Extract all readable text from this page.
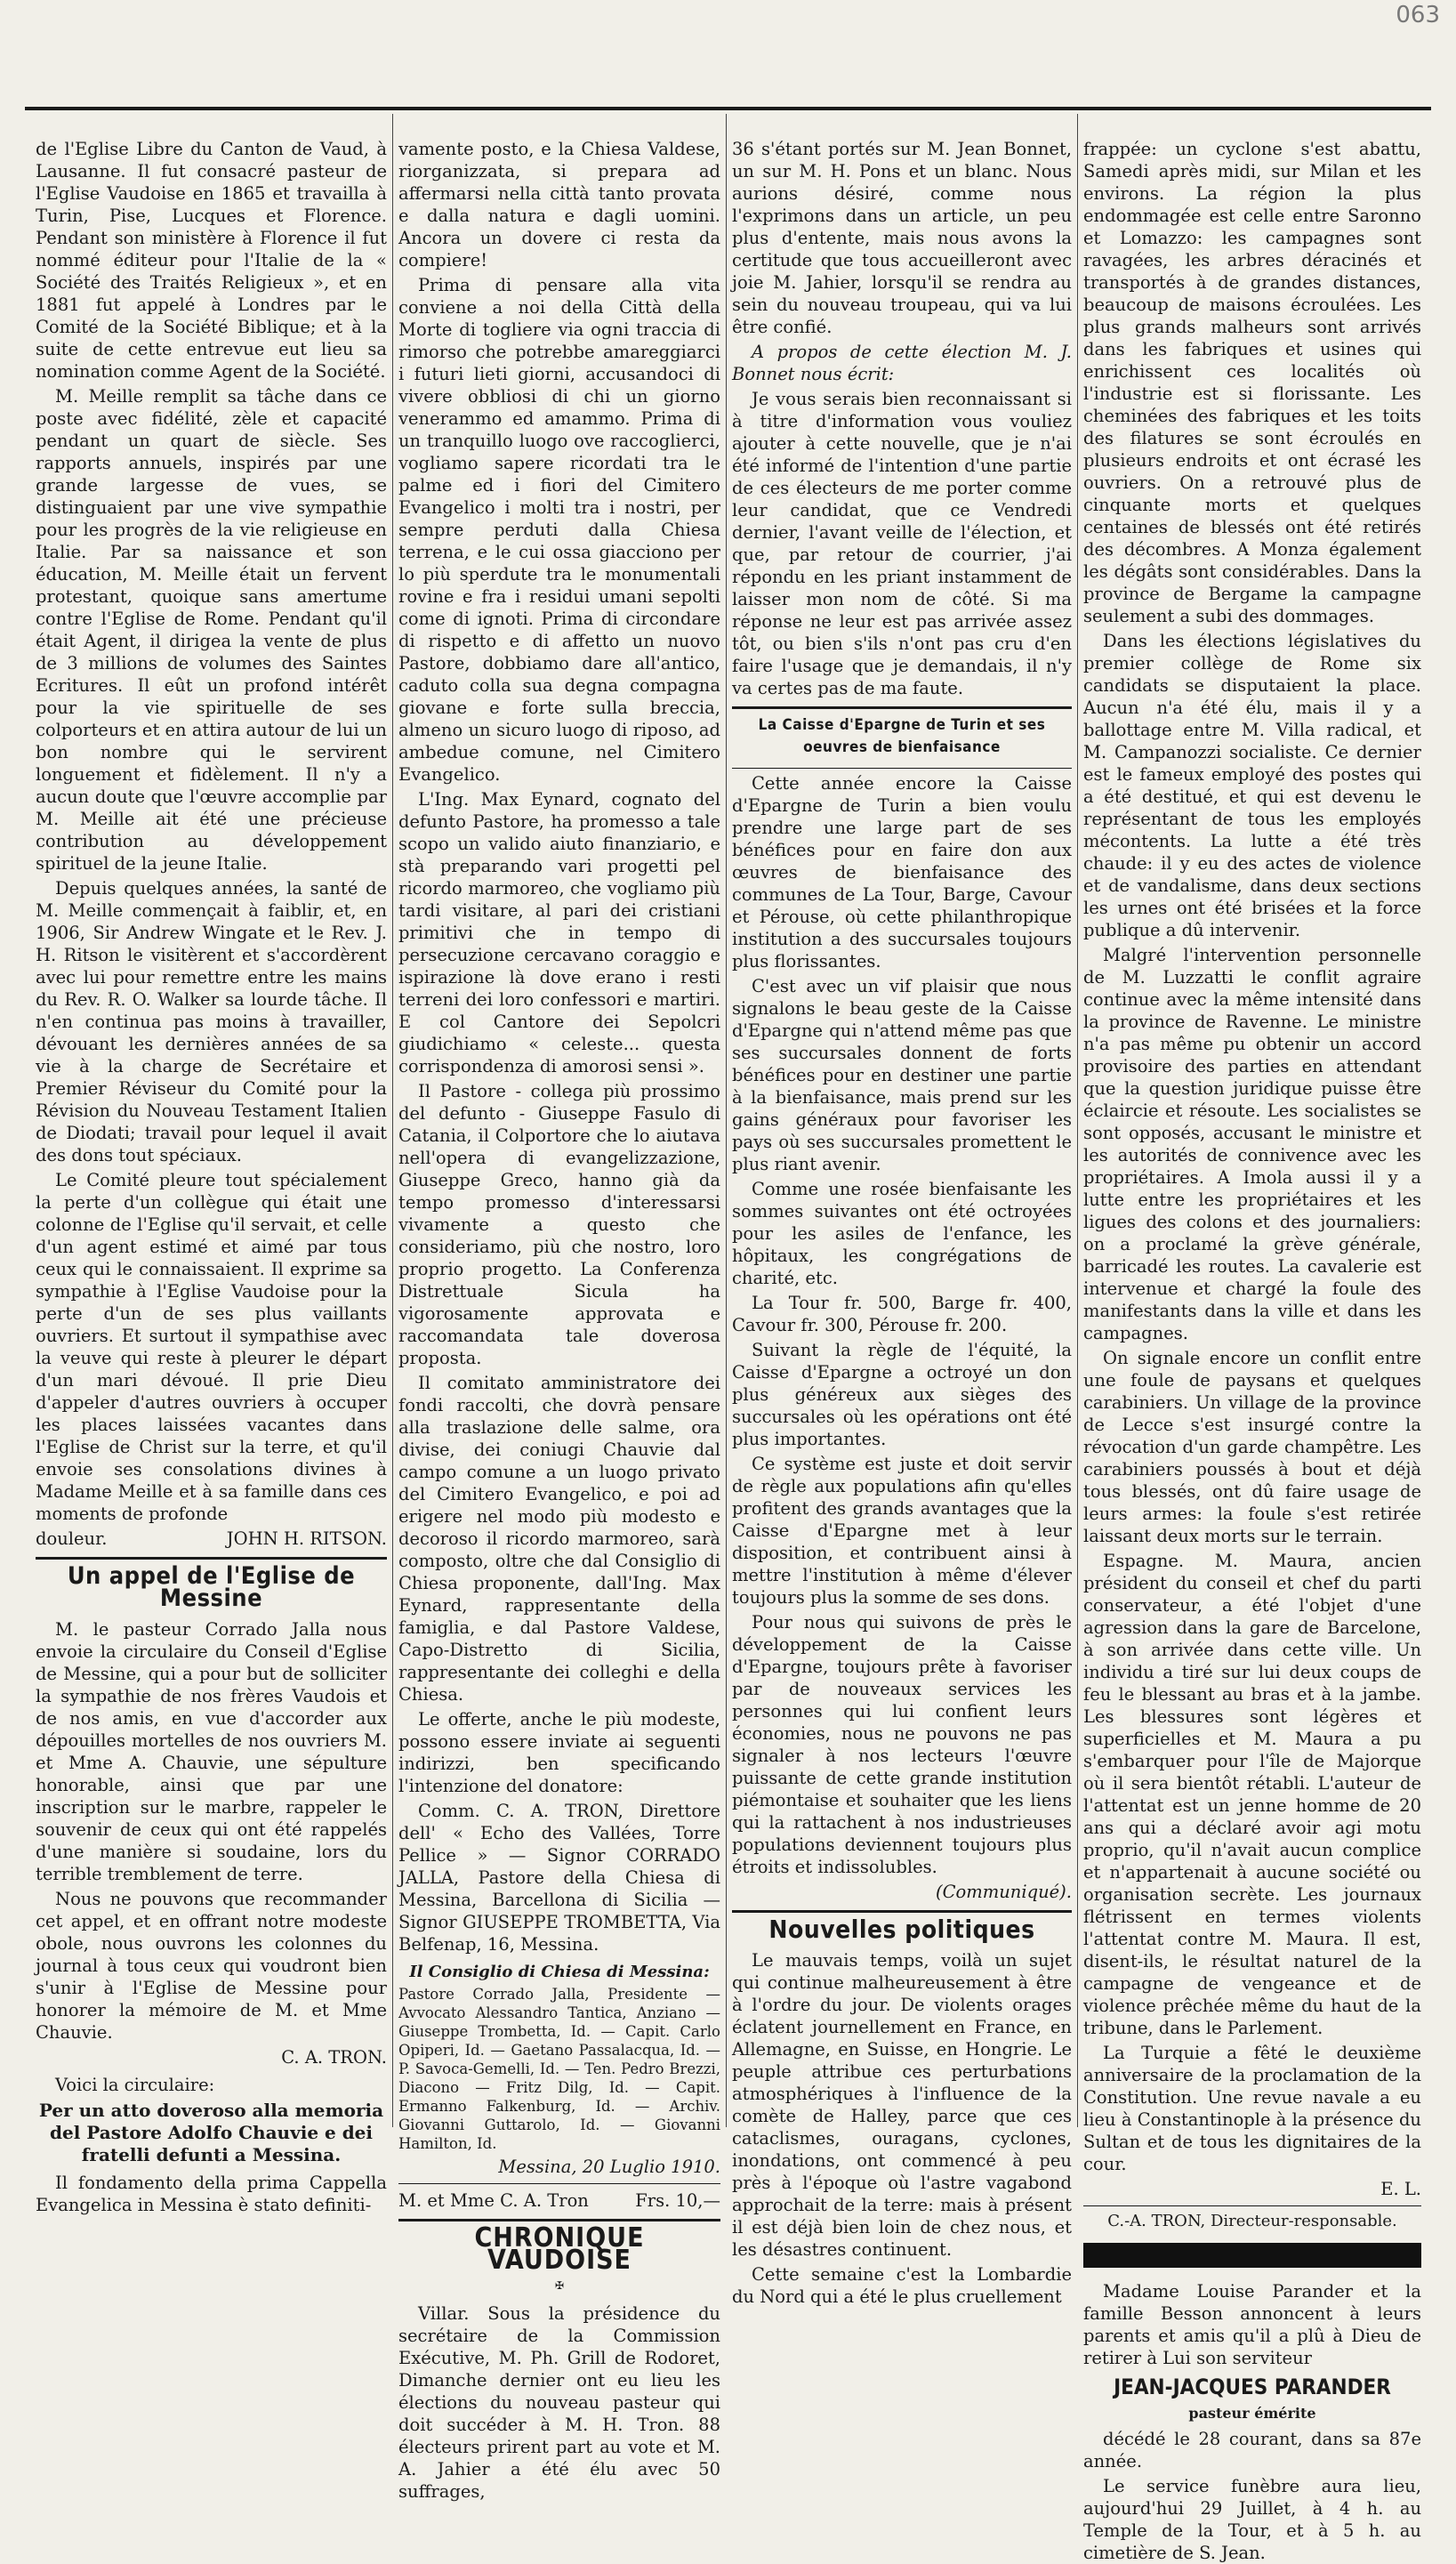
063

de l'Eglise Libre du Canton de Vaud, à Lausanne. Il fut consacré pasteur de l'Eglise Vaudoise en 1865 et travailla à Turin, Pise, Lucques et Florence. Pendant son ministère à Florence il fut nommé éditeur pour l'Italie de la « Société des Traités Religieux », et en 1881 fut appelé à Londres par le Comité de la Société Biblique; et à la suite de cette entrevue eut lieu sa nomination comme Agent de la Société.

M. Meille remplit sa tâche dans ce poste avec fidélité, zèle et capacité pendant un quart de siècle. Ses rapports annuels, inspirés par une grande largesse de vues, se distinguaient par une vive sympathie pour les progrès de la vie religieuse en Italie. Par sa naissance et son éducation, M. Meille était un fervent protestant, quoique sans amertume contre l'Eglise de Rome. Pendant qu'il était Agent, il dirigea la vente de plus de 3 millions de volumes des Saintes Ecritures. Il eût un profond intérêt pour la vie spirituelle de ses colporteurs et en attira autour de lui un bon nombre qui le servirent longuement et fidèlement. Il n'y a aucun doute que l'œuvre accomplie par M. Meille ait été une précieuse contribution au développement spirituel de la jeune Italie.

Depuis quelques années, la santé de M. Meille commençait à faiblir, et, en 1906, Sir Andrew Wingate et le Rev. J. H. Ritson le visitèrent et s'accordèrent avec lui pour remettre entre les mains du Rev. R. O. Walker sa lourde tâche. Il n'en continua pas moins à travailler, dévouant les dernières années de sa vie à la charge de Secrétaire et Premier Réviseur du Comité pour la Révision du Nouveau Testament Italien de Diodati; travail pour lequel il avait des dons tout spéciaux.

Le Comité pleure tout spécialement la perte d'un collègue qui était une colonne de l'Eglise qu'il servait, et celle d'un agent estimé et aimé par tous ceux qui le connaissaient. Il exprime sa sympathie à l'Eglise Vaudoise pour la perte d'un de ses plus vaillants ouvriers. Et surtout il sympathise avec la veuve qui reste à pleurer le départ d'un mari dévoué. Il prie Dieu d'appeler d'autres ouvriers à occuper les places laissées vacantes dans l'Eglise de Christ sur la terre, et qu'il envoie ses consolations divines à Madame Meille et à sa famille dans ces moments de profonde

douleur.	JOHN H. RITSON.
Un appel de l'Eglise de Messine

M. le pasteur Corrado Jalla nous envoie la circulaire du Conseil d'Eglise de Messine, qui a pour but de solliciter la sympathie de nos frères Vaudois et de nos amis, en vue d'accorder aux dépouilles mortelles de nos ouvriers M. et Mme A. Chauvie, une sépulture honorable, ainsi que par une inscription sur le marbre, rappeler le souvenir de ceux qui ont été rappelés d'une manière si soudaine, lors du terrible tremblement de terre.

Nous ne pouvons que recommander cet appel, et en offrant notre modeste obole, nous ouvrons les colonnes du journal à tous ceux qui voudront bien s'unir à l'Eglise de Messine pour honorer la mémoire de M. et Mme Chauvie.

C. A. TRON.

Voici la circulaire:

Per un atto doveroso alla memoria del Pastore Adolfo Chauvie e dei fratelli defunti a Messina.

Il fondamento della prima Cappella Evangelica in Messina è stato definiti-

vamente posto, e la Chiesa Valdese, riorganizzata, si prepara ad affermarsi nella città tanto provata e dalla natura e dagli uomini. Ancora un dovere ci resta da compiere!

Prima di pensare alla vita conviene a noi della Città della Morte di togliere via ogni traccia di rimorso che potrebbe amareggiarci i futuri lieti giorni, accusandoci di vivere obbliosi di chi un giorno venerammo ed amammo. Prima di un tranquillo luogo ove raccoglierci, vogliamo sapere ricordati tra le palme ed i fiori del Cimitero Evangelico i molti tra i nostri, per sempre perduti dalla Chiesa terrena, e le cui ossa giacciono per lo più sperdute tra le monumentali rovine e fra i residui umani sepolti come di ignoti. Prima di circondare di rispetto e di affetto un nuovo Pastore, dobbiamo dare all'antico, caduto colla sua degna compagna giovane e forte sulla breccia, almeno un sicuro luogo di riposo, ad ambedue comune, nel Cimitero Evangelico.

L'Ing. Max Eynard, cognato del defunto Pastore, ha promesso a tale scopo un valido aiuto finanziario, e stà preparando vari progetti pel ricordo marmoreo, che vogliamo più tardi visitare, al pari dei cristiani primitivi che in tempo di persecuzione cercavano coraggio e ispirazione là dove erano i resti terreni dei loro confessori e martiri. E col Cantore dei Sepolcri giudichiamo « celeste... questa corrispondenza di amorosi sensi ».

Il Pastore - collega più prossimo del defunto - Giuseppe Fasulo di Catania, il Colportore che lo aiutava nell'opera di evangelizzazione, Giuseppe Greco, hanno già da tempo promesso d'interessarsi vivamente a questo che consideriamo, più che nostro, loro proprio progetto. La Conferenza Distrettuale Sicula ha vigorosamente approvata e raccomandata tale doverosa proposta.

Il comitato amministratore dei fondi raccolti, che dovrà pensare alla traslazione delle salme, ora divise, dei coniugi Chauvie dal campo comune a un luogo privato del Cimitero Evangelico, e poi ad erigere nel modo più modesto e decoroso il ricordo marmoreo, sarà composto, oltre che dal Consiglio di Chiesa proponente, dall'Ing. Max Eynard, rappresentante della famiglia, e dal Pastore Valdese, Capo-Distretto di Sicilia, rappresentante dei colleghi e della Chiesa.

Le offerte, anche le più modeste, possono essere inviate ai seguenti indirizzi, ben specificando l'intenzione del donatore:

Comm. C. A. TRON, Direttore dell' « Echo des Vallées, Torre Pellice » — Signor CORRADO JALLA, Pastore della Chiesa di Messina, Barcellona di Sicilia — Signor GIUSEPPE TROMBETTA, Via Belfenap, 16, Messina.

Il Consiglio di Chiesa di Messina:

Pastore Corrado Jalla, Presidente — Avvocato Alessandro Tantica, Anziano — Giuseppe Trombetta, Id. — Capit. Carlo Opiperi, Id. — Gaetano Passalacqua, Id. — P. Savoca-Gemelli, Id. — Ten. Pedro Brezzi, Diacono — Fritz Dilg, Id. — Capit. Ermanno Falkenburg, Id. — Archiv. Giovanni Guttarolo, Id. — Giovanni Hamilton, Id.

Messina, 20 Luglio 1910.

M. et Mme C. A. Tron	Frs. 10,—
CHRONIQUE VAUDOISE
✠

Villar. Sous la présidence du secrétaire de la Commission Exécutive, M. Ph. Grill de Rodoret, Dimanche dernier ont eu lieu les élections du nouveau pasteur qui doit succéder à M. H. Tron. 88 électeurs prirent part au vote et M. A. Jahier a été élu avec 50 suffrages,

36 s'étant portés sur M. Jean Bonnet, un sur M. H. Pons et un blanc. Nous aurions désiré, comme nous l'exprimons dans un article, un peu plus d'entente, mais nous avons la certitude que tous accueilleront avec joie M. Jahier, lorsqu'il se rendra au sein du nouveau troupeau, qui va lui être confié.

A propos de cette élection M. J. Bonnet nous écrit:

Je vous serais bien reconnaissant si à titre d'information vous vouliez ajouter à cette nouvelle, que je n'ai été informé de l'intention d'une partie de ces électeurs de me porter comme leur candidat, que ce Vendredi dernier, l'avant veille de l'élection, et que, par retour de courrier, j'ai répondu en les priant instamment de laisser mon nom de côté. Si ma réponse ne leur est pas arrivée assez tôt, ou bien s'ils n'ont pas cru d'en faire l'usage que je demandais, il n'y va certes pas de ma faute.

La Caisse d'Epargne de Turin et ses oeuvres de bienfaisance

Cette année encore la Caisse d'Epargne de Turin a bien voulu prendre une large part de ses bénéfices pour en faire don aux œuvres de bienfaisance des communes de La Tour, Barge, Cavour et Pérouse, où cette philanthropique institution a des succursales toujours plus florissantes.

C'est avec un vif plaisir que nous signalons le beau geste de la Caisse d'Epargne qui n'attend même pas que ses succursales donnent de forts bénéfices pour en destiner une partie à la bienfaisance, mais prend sur les gains généraux pour favoriser les pays où ses succursales promettent le plus riant avenir.

Comme une rosée bienfaisante les sommes suivantes ont été octroyées pour les asiles de l'enfance, les hôpitaux, les congrégations de charité, etc.

La Tour fr. 500, Barge fr. 400, Cavour fr. 300, Pérouse fr. 200.

Suivant la règle de l'équité, la Caisse d'Epargne a octroyé un don plus généreux aux sièges des succursales où les opérations ont été plus importantes.

Ce système est juste et doit servir de règle aux populations afin qu'elles profitent des grands avantages que la Caisse d'Epargne met à leur disposition, et contribuent ainsi à mettre l'institution à même d'élever toujours plus la somme de ses dons.

Pour nous qui suivons de près le développement de la Caisse d'Epargne, toujours prête à favoriser par de nouveaux services les personnes qui lui confient leurs économies, nous ne pouvons ne pas signaler à nos lecteurs l'œuvre puissante de cette grande institution piémontaise et souhaiter que les liens qui la rattachent à nos industrieuses populations deviennent toujours plus étroits et indissolubles.

(Communiqué).

Nouvelles politiques

Le mauvais temps, voilà un sujet qui continue malheureusement à être à l'ordre du jour. De violents orages éclatent journellement en France, en Allemagne, en Suisse, en Hongrie. Le peuple attribue ces perturbations atmosphériques à l'influence de la comète de Halley, parce que ces cataclismes, ouragans, cyclones, inondations, ont commencé à peu près à l'époque où l'astre vagabond approchait de la terre: mais à présent il est déjà bien loin de chez nous, et les désastres continuent.

Cette semaine c'est la Lombardie du Nord qui a été le plus cruellement

frappée: un cyclone s'est abattu, Samedi après midi, sur Milan et les environs. La région la plus endommagée est celle entre Saronno et Lomazzo: les campagnes sont ravagées, les arbres déracinés et transportés à de grandes distances, beaucoup de maisons écroulées. Les plus grands malheurs sont arrivés dans les fabriques et usines qui enrichissent ces localités où l'industrie est si florissante. Les cheminées des fabriques et les toits des filatures se sont écroulés en plusieurs endroits et ont écrasé les ouvriers. On a retrouvé plus de cinquante morts et quelques centaines de blessés ont été retirés des décombres. A Monza également les dégâts sont considérables. Dans la province de Bergame la campagne seulement a subi des dommages.

Dans les élections législatives du premier collège de Rome six candidats se disputaient la place. Aucun n'a été élu, mais il y a ballottage entre M. Villa radical, et M. Campanozzi socialiste. Ce dernier est le fameux employé des postes qui a été destitué, et qui est devenu le représentant de tous les employés mécontents. La lutte a été très chaude: il y eu des actes de violence et de vandalisme, dans deux sections les urnes ont été brisées et la force publique a dû intervenir.

Malgré l'intervention personnelle de M. Luzzatti le conflit agraire continue avec la même intensité dans la province de Ravenne. Le ministre n'a pas même pu obtenir un accord provisoire des parties en attendant que la question juridique puisse être éclaircie et résoute. Les socialistes se sont opposés, accusant le ministre et les autorités de connivence avec les propriétaires. A Imola aussi il y a lutte entre les propriétaires et les ligues des colons et des journaliers: on a proclamé la grève générale, barricadé les routes. La cavalerie est intervenue et chargé la foule des manifestants dans la ville et dans les campagnes.

On signale encore un conflit entre une foule de paysans et quelques carabiniers. Un village de la province de Lecce s'est insurgé contre la révocation d'un garde champêtre. Les carabiniers poussés à bout et déjà tous blessés, ont dû faire usage de leurs armes: la foule s'est retirée laissant deux morts sur le terrain.

Espagne. M. Maura, ancien président du conseil et chef du parti conservateur, a été l'objet d'une agression dans la gare de Barcelone, à son arrivée dans cette ville. Un individu a tiré sur lui deux coups de feu le blessant au bras et à la jambe. Les blessures sont légères et superficielles et M. Maura a pu s'embarquer pour l'île de Majorque où il sera bientôt rétabli. L'auteur de l'attentat est un jenne homme de 20 ans qui a déclaré avoir agi motu proprio, qu'il n'avait aucun complice et n'appartenait à aucune société ou organisation secrète. Les journaux flétrissent en termes violents l'attentat contre M. Maura. Il est, disent-ils, le résultat naturel de la campagne de vengeance et de violence prêchée même du haut de la tribune, dans le Parlement.

La Turquie a fêté le deuxième anniversaire de la proclamation de la Constitution. Une revue navale a eu lieu à Constantinople à la présence du Sultan et de tous les dignitaires de la cour.

E. L.

C.-A. TRON, Directeur-responsable.

Madame Louise Parander et la famille Besson annoncent à leurs parents et amis qu'il a plû à Dieu de retirer à Lui son serviteur

JEAN-JACQUES PARANDER
pasteur émérite

décédé le 28 courant, dans sa 87e année.

Le service funèbre aura lieu, aujourd'hui 29 Juillet, à 4 h. au Temple de la Tour, et à 5 h. au cimetière de S. Jean.
